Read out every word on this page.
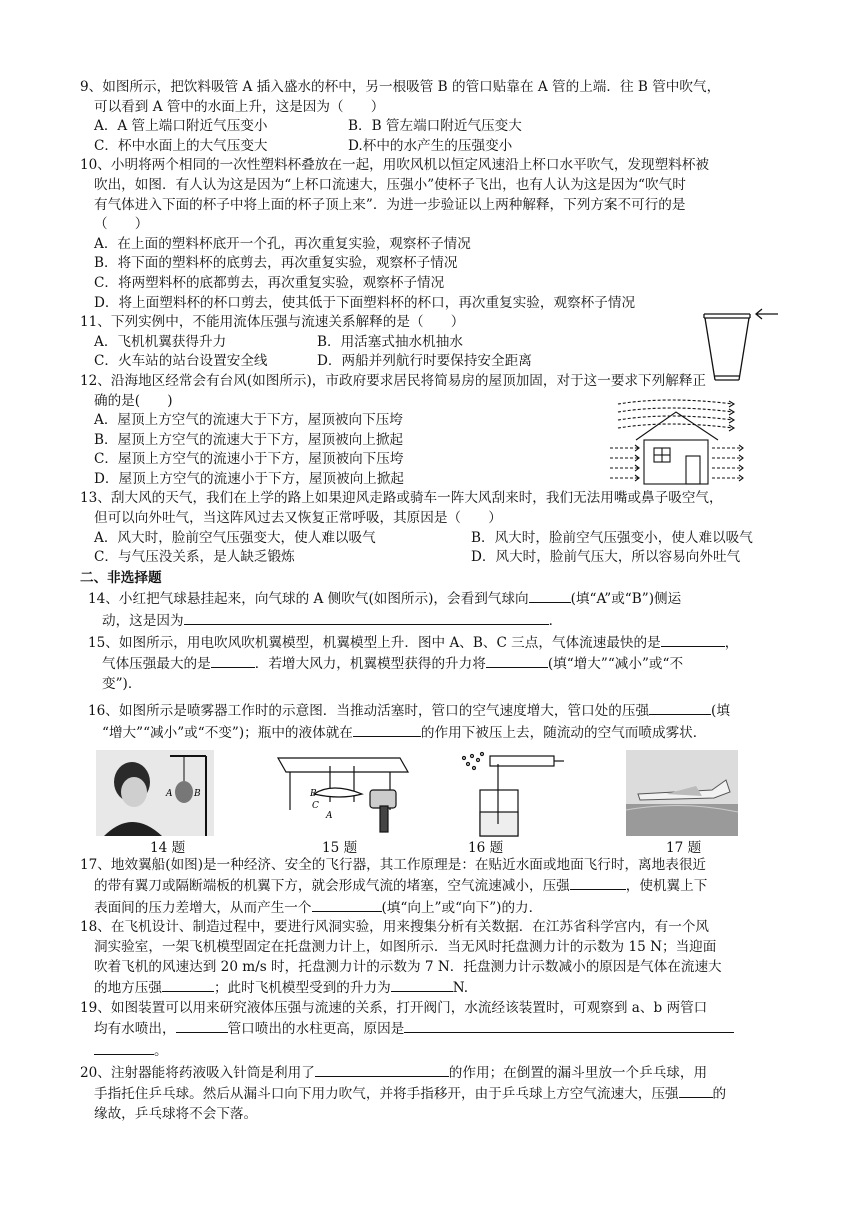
9、如图所示，把饮料吸管 A 插入盛水的杯中，另一根吸管 B 的管口贴靠在 A 管的上端．往 B 管中吹气，

可以看到 A 管中的水面上升，这是因为（　　）

A．A 管上端口附近气压变小	B．B 管左端口附近气压变大

C．杯中水面上的大气压变大	D.杯中的水产生的压强变小

10、小明将两个相同的一次性塑料杯叠放在一起，用吹风机以恒定风速沿上杯口水平吹气，发现塑料杯被

吹出，如图．有人认为这是因为“上杯口流速大，压强小”使杯子飞出，也有人认为这是因为“吹气时

有气体进入下面的杯子中将上面的杯子顶上来”．为进一步验证以上两种解释，下列方案不可行的是

（　　）

A．在上面的塑料杯底开一个孔，再次重复实验，观察杯子情况

B．将下面的塑料杯的底剪去，再次重复实验，观察杯子情况

C．将两塑料杯的底都剪去，再次重复实验，观察杯子情况

D．将上面塑料杯的杯口剪去，使其低于下面塑料杯的杯口，再次重复实验，观察杯子情况

11、下列实例中，不能用流体压强与流速关系解释的是（　　）

A．飞机机翼获得升力	B．用活塞式抽水机抽水

C．火车站的站台设置安全线	D．两船并列航行时要保持安全距离

12、沿海地区经常会有台风(如图所示)，市政府要求居民将简易房的屋顶加固，对于这一要求下列解释正

确的是(　　)

A．屋顶上方空气的流速大于下方，屋顶被向下压垮

B．屋顶上方空气的流速大于下方，屋顶被向上掀起

C．屋顶上方空气的流速小于下方，屋顶被向下压垮

D．屋顶上方空气的流速小于下方，屋顶被向上掀起

13、刮大风的天气，我们在上学的路上如果迎风走路或骑车一阵大风刮来时，我们无法用嘴或鼻子吸空气，

但可以向外吐气，当这阵风过去又恢复正常呼吸，其原因是（　　）

A．风大时，脸前空气压强变大，使人难以吸气	B．风大时，脸前空气压强变小，使人难以吸气

C．与气压没关系，是人缺乏锻炼	D．风大时，脸前气压大，所以容易向外吐气

二、非选择题

14、小红把气球悬挂起来，向气球的 A 侧吹气(如图所示)，会看到气球向	(填“A”或“B”)侧运

动，这是因为	．

15、如图所示，用电吹风吹机翼模型，机翼模型上升．图中 A、B、C 三点，气体流速最快的是	，

气体压强最大的是	．若增大风力，机翼模型获得的升力将	(填“增大”“减小”或“不

变”)．

16、如图所示是喷雾器工作时的示意图．当推动活塞时，管口的空气速度增大，管口处的压强	(填

“增大”“减小”或“不变”)；瓶中的液体就在	的作用下被压上去，随流动的空气而喷成雾状．

A B	B
C
A
14 题	15 题	16 题	17 题

17、地效翼船(如图)是一种经济、安全的飞行器，其工作原理是：在贴近水面或地面飞行时，离地表很近

的带有翼刀或隔断端板的机翼下方，就会形成气流的堵塞，空气流速减小，压强	，使机翼上下

表面间的压力差增大，从而产生一个	(填“向上”或“向下”)的力．

18、在飞机设计、制造过程中，要进行风洞实验，用来搜集分析有关数据．在江苏省科学宫内，有一个风

洞实验室，一架飞机模型固定在托盘测力计上，如图所示．当无风时托盘测力计的示数为 15 N；当迎面

吹着飞机的风速达到 20 m/s 时，托盘测力计的示数为 7 N．托盘测力计示数减小的原因是气体在流速大

的地方压强	；此时飞机模型受到的升力为	N.

19、如图装置可以用来研究液体压强与流速的关系，打开阀门，水流经该装置时，可观察到 a、b 两管口

均有水喷出，	管口喷出的水柱更高，原因是

。

20、注射器能将药液吸入针筒是利用了	的作用；在倒置的漏斗里放一个乒乓球，用

手指托住乒乓球。然后从漏斗口向下用力吹气，并将手指移开，由于乒乓球上方空气流速大，压强	的

缘故，乒乓球将不会下落。
